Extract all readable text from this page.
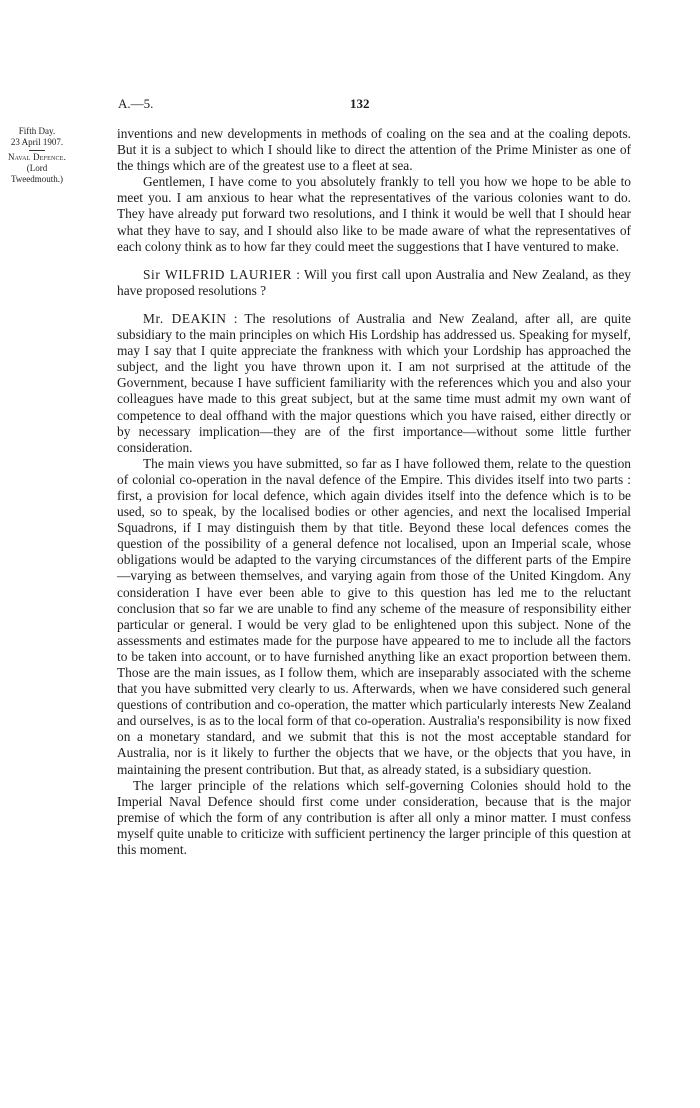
A.—5.	132
Fifth Day.
23 April 1907.
Naval Defence.
(Lord
Tweedmouth.)

inventions and new developments in methods of coaling on the sea and at the coaling depots. But it is a subject to which I should like to direct the attention of the Prime Minister as one of the things which are of the greatest use to a fleet at sea.

Gentlemen, I have come to you absolutely frankly to tell you how we hope to be able to meet you. I am anxious to hear what the representatives of the various colonies want to do. They have already put forward two resolutions, and I think it would be well that I should hear what they have to say, and I should also like to be made aware of what the representatives of each colony think as to how far they could meet the suggestions that I have ventured to make.

Sir WILFRID LAURIER : Will you first call upon Australia and New Zealand, as they have proposed resolutions ?

Mr. DEAKIN : The resolutions of Australia and New Zealand, after all, are quite subsidiary to the main principles on which His Lordship has addressed us. Speaking for myself, may I say that I quite appreciate the frankness with which your Lordship has approached the subject, and the light you have thrown upon it. I am not surprised at the attitude of the Government, because I have sufficient familiarity with the references which you and also your colleagues have made to this great subject, but at the same time must admit my own want of competence to deal offhand with the major questions which you have raised, either directly or by necessary implication—they are of the first importance—without some little further consideration.

The main views you have submitted, so far as I have followed them, relate to the question of colonial co-operation in the naval defence of the Empire. This divides itself into two parts : first, a provision for local defence, which again divides itself into the defence which is to be used, so to speak, by the localised bodies or other agencies, and next the localised Imperial Squadrons, if I may distinguish them by that title. Beyond these local defences comes the question of the possibility of a general defence not localised, upon an Imperial scale, whose obligations would be adapted to the varying circumstances of the different parts of the Empire—varying as between themselves, and varying again from those of the United Kingdom. Any consideration I have ever been able to give to this question has led me to the reluctant conclusion that so far we are unable to find any scheme of the measure of responsibility either particular or general. I would be very glad to be enlightened upon this subject. None of the assessments and estimates made for the purpose have appeared to me to include all the factors to be taken into account, or to have furnished anything like an exact proportion between them. Those are the main issues, as I follow them, which are inseparably associated with the scheme that you have submitted very clearly to us. Afterwards, when we have considered such general questions of contribution and co-operation, the matter which particularly interests New Zealand and ourselves, is as to the local form of that co-operation. Australia's responsibility is now fixed on a monetary standard, and we submit that this is not the most acceptable standard for Australia, nor is it likely to further the objects that we have, or the objects that you have, in maintaining the present contribution. But that, as already stated, is a subsidiary question.

The larger principle of the relations which self-governing Colonies should hold to the Imperial Naval Defence should first come under consideration, because that is the major premise of which the form of any contribution is after all only a minor matter. I must confess myself quite unable to criticize with sufficient pertinency the larger principle of this question at this moment.
